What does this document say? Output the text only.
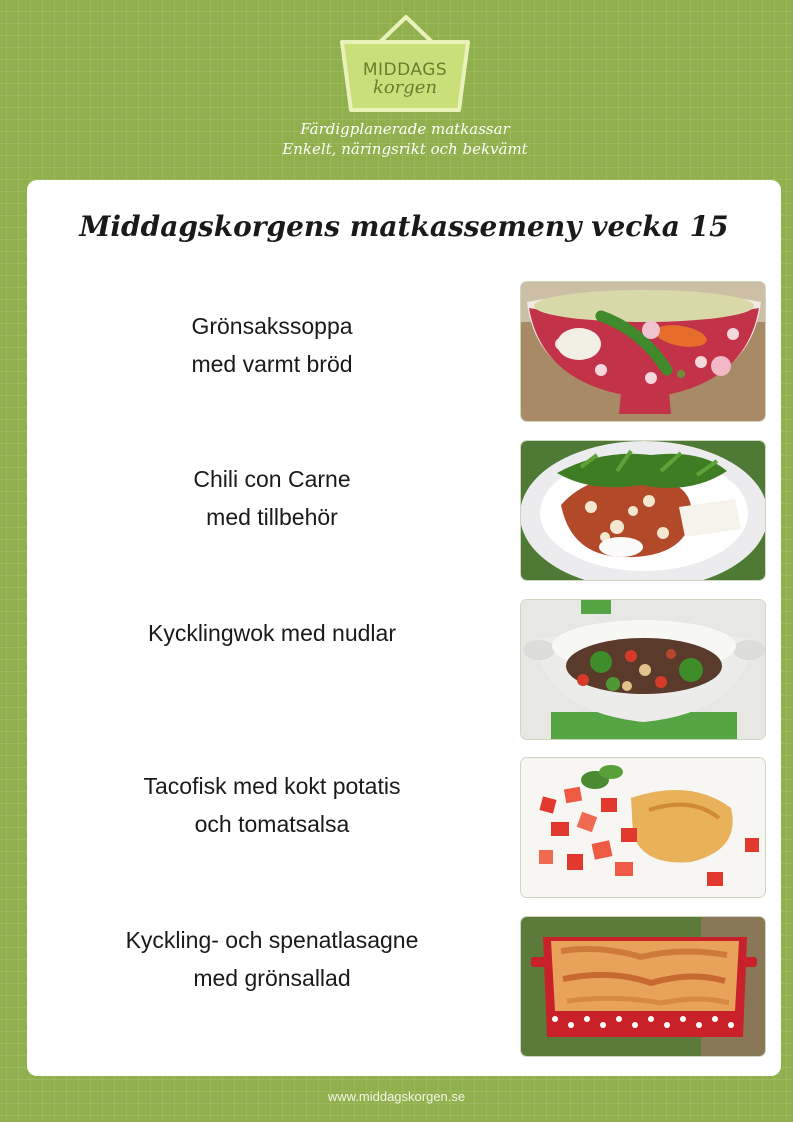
MIDDAGS
korgen
Färdigplanerade matkassar
Enkelt, näringsrikt och bekvämt
Middagskorgens matkassemeny vecka 15
Grönsakssoppa
med varmt bröd
Chili con Carne
med tillbehör
Kycklingwok med nudlar
Tacofisk med kokt potatis
och tomatsalsa
Kyckling- och spenatlasagne
med grönsallad
www.middagskorgen.se
